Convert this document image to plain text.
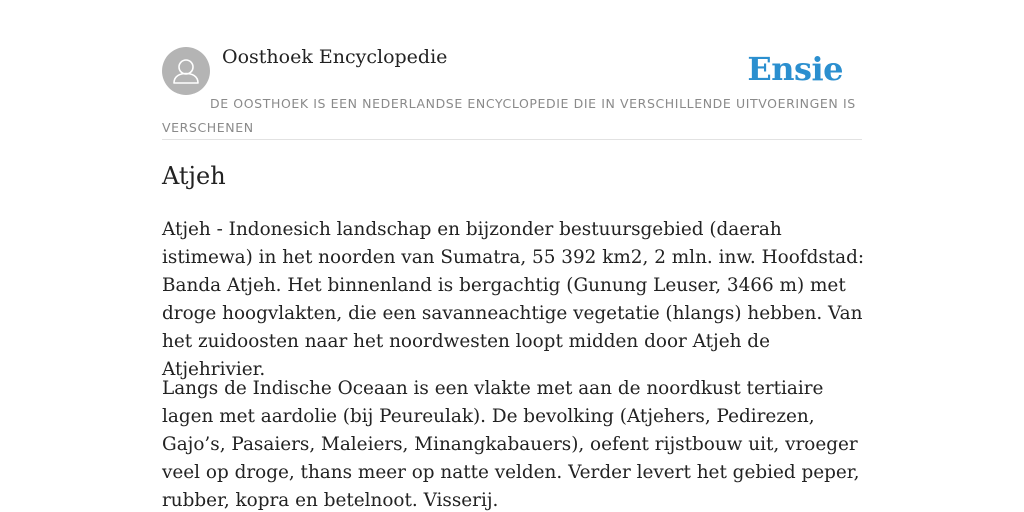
Oosthoek Encyclopedie	Ensie
DE OOSTHOEK IS EEN NEDERLANDSE ENCYCLOPEDIE DIE IN VERSCHILLENDE UITVOERINGEN IS VERSCHENEN
Atjeh

Atjeh - Indonesich landschap en bijzonder bestuursgebied (daerah istimewa) in het noorden van Sumatra, 55 392 km2, 2 mln. inw. Hoofdstad: Banda Atjeh. Het binnenland is bergachtig (Gunung Leuser, 3466 m) met droge hoogvlakten, die een savanneachtige vegetatie (hlangs) hebben. Van het zuidoosten naar het noordwesten loopt midden door Atjeh de Atjehrivier.

Langs de Indische Oceaan is een vlakte met aan de noordkust tertiaire lagen met aardolie (bij Peureulak). De bevolking (Atjehers, Pedirezen, Gajo’s, Pasaiers, Maleiers, Minangkabauers), oefent rijstbouw uit, vroeger veel op droge, thans meer op natte velden. Verder levert het gebied peper, rubber, kopra en betelnoot. Visserij.
